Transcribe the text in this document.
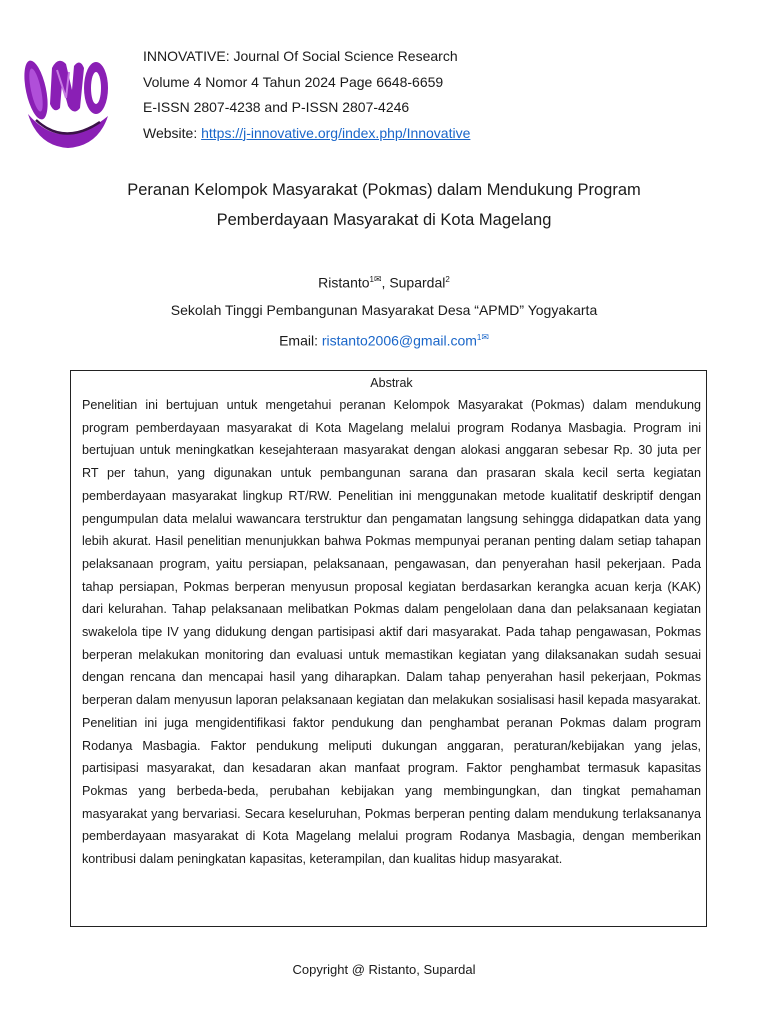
INNOVATIVE: Journal Of Social Science Research
Volume 4 Nomor 4 Tahun 2024 Page 6648-6659
E-ISSN 2807-4238 and P-ISSN 2807-4246
Website: https://j-innovative.org/index.php/Innovative
Peranan Kelompok Masyarakat (Pokmas) dalam Mendukung Program
Pemberdayaan Masyarakat di Kota Magelang
Ristanto$^{1✉}$, Supardal$^2$
Sekolah Tinggi Pembangunan Masyarakat Desa “APMD” Yogyakarta
Email: ristanto2006@gmail.com$^{1✉}$
Abstrak

Penelitian ini bertujuan untuk mengetahui peranan Kelompok Masyarakat (Pokmas) dalam mendukung program pemberdayaan masyarakat di Kota Magelang melalui program Rodanya Masbagia. Program ini bertujuan untuk meningkatkan kesejahteraan masyarakat dengan alokasi anggaran sebesar Rp. 30 juta per RT per tahun, yang digunakan untuk pembangunan sarana dan prasaran skala kecil serta kegiatan pemberdayaan masyarakat lingkup RT/RW. Penelitian ini menggunakan metode kualitatif deskriptif dengan pengumpulan data melalui wawancara terstruktur dan pengamatan langsung sehingga didapatkan data yang lebih akurat. Hasil penelitian menunjukkan bahwa Pokmas mempunyai peranan penting dalam setiap tahapan pelaksanaan program, yaitu persiapan, pelaksanaan, pengawasan, dan penyerahan hasil pekerjaan. Pada tahap persiapan, Pokmas berperan menyusun proposal kegiatan berdasarkan kerangka acuan kerja (KAK) dari kelurahan. Tahap pelaksanaan melibatkan Pokmas dalam pengelolaan dana dan pelaksanaan kegiatan swakelola tipe IV yang didukung dengan partisipasi aktif dari masyarakat. Pada tahap pengawasan, Pokmas berperan melakukan monitoring dan evaluasi untuk memastikan kegiatan yang dilaksanakan sudah sesuai dengan rencana dan mencapai hasil yang diharapkan. Dalam tahap penyerahan hasil pekerjaan, Pokmas berperan dalam menyusun laporan pelaksanaan kegiatan dan melakukan sosialisasi hasil kepada masyarakat. Penelitian ini juga mengidentifikasi faktor pendukung dan penghambat peranan Pokmas dalam program Rodanya Masbagia. Faktor pendukung meliputi dukungan anggaran, peraturan/kebijakan yang jelas, partisipasi masyarakat, dan kesadaran akan manfaat program. Faktor penghambat termasuk kapasitas Pokmas yang berbeda-beda, perubahan kebijakan yang membingungkan, dan tingkat pemahaman masyarakat yang bervariasi. Secara keseluruhan, Pokmas berperan penting dalam mendukung terlaksananya pemberdayaan masyarakat di Kota Magelang melalui program Rodanya Masbagia, dengan memberikan kontribusi dalam peningkatan kapasitas, keterampilan, dan kualitas hidup masyarakat.

Copyright @ Ristanto, Supardal
